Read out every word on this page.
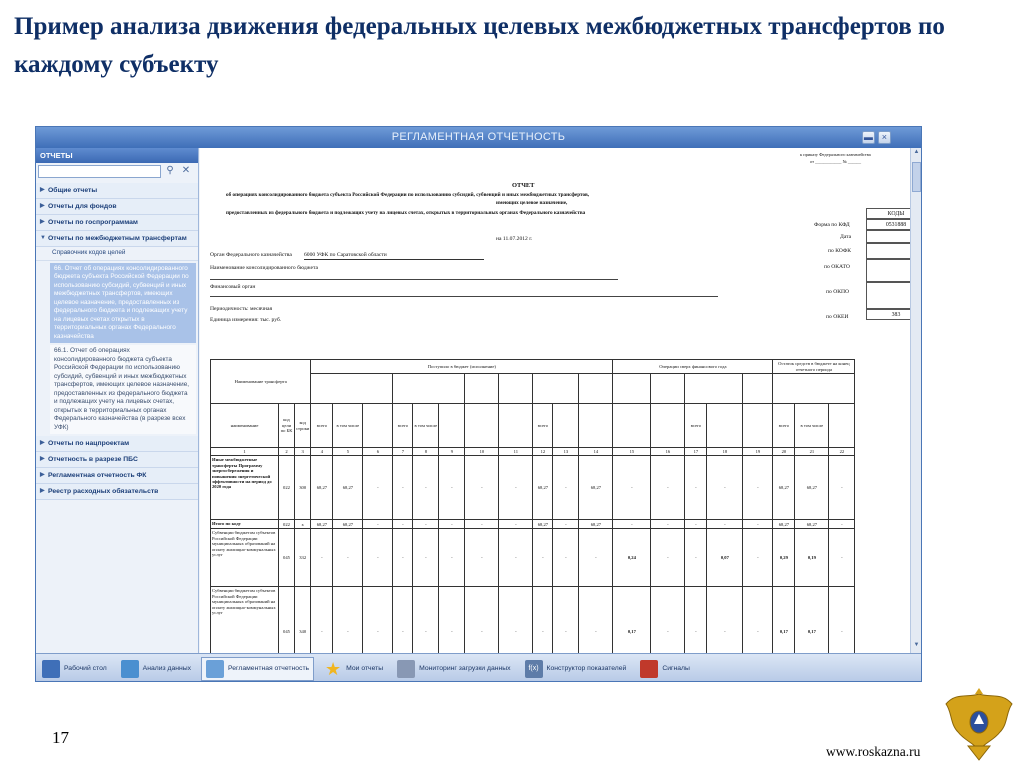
Пример анализа движения федеральных целевых межбюджетных трансфертов по каждому субъекту
РЕГЛАМЕНТНАЯ ОТЧЕТНОСТЬ	▬ ×
ОТЧЕТЫ
⚲ ✕
▶ Общие отчеты
▶ Отчеты для фондов
▶ Отчеты по госпрограммам
▼ Отчеты по межбюджетным трансфертам
Справочник кодов целей
66. Отчет об операциях консолидированного бюджета субъекта Российской Федерации по использованию субсидий, субвенций и иных межбюджетных трансфертов, имеющих целевое назначение, предоставленных из федерального бюджета и подлежащих учету на лицевых счетах открытых в территориальных органах Федерального казначейства
66.1. Отчет об операциях консолидированного бюджета субъекта Российской Федерации по использованию субсидий, субвенций и иных межбюджетных трансфертов, имеющих целевое назначение, предоставленных из федерального бюджета и подлежащих учету на лицевых счетах, открытых в территориальных органах Федерального казначейства (в разрезе всех УФК)
▶ Отчеты по нацпроектам
▶ Отчетность в разрезе ПБС
▶ Регламентная отчетность ФК
▶ Реестр расходных обязательств
к приказу Федерального казначейства
от ____________ № ______
ОТЧЕТ
об операциях консолидированного бюджета субъекта Российской Федерации по использованию субсидий, субвенций и иных межбюджетных трансфертов,
имеющих целевое назначение,
предоставленных из федерального бюджета и подлежащих учету на лицевых счетах, открытых в территориальных органах Федерального казначейства
на 11.07.2012 г.
КОДЫ
Форма по КФД	0531888
Дата
по КОФК
по ОКАТО
по ОКПО
по ОКЕИ	383
Орган Федерального казначейства 6000 УФК по Саратовской области
Наименование консолидированного бюджета
Финансовый орган
Периодичность: месячная
Единица измерения: тыс. руб.
Наименование трансферта			Поступило в бюджет (исполнение)											Операции сверх финансового года					Остаток средств в бюджете на конец отчетного периода		

наименование	код цели по БК	код строки	всего	в том числе		всего	в том числе				всего					всего			всего	в том числе	
1	2	3	4	5	6	7	8	9	10	11	12	13	14	15	16	17	18	19	20	21	22
Иные межбюджетные трансферты Программу энергосбережения и повышения энергетической эффективности на период до 2020 года	022	300	68,27	68,27	-	-	-	-	-	-	68,27	-	68,27	-	-	-	-	-	68,27	68,27	-
Итого по коду	022	х	68,27	68,27	-	-	-	-	-	-	68,27	-	68,27	-	-	-	-	-	68,27	68,27	-
Субвенции бюджетам субъектов Российской Федерации муниципальных образований на оплату жилищно-коммунальных услуг	045	332	-	-	-	-	-	-	-	-	-	-	-	0,24	-	-	0,07	-	0,29	0,19	-
Субвенции бюджетам субъектов Российской Федерации муниципальных образований на оплату жилищно-коммунальных услуг	045	340	-	-	-	-	-	-	-	-	-	-	-	0,17	-	-	-	-	0,17	0,17	-
▲
▼
Рабочий стол	Анализ данных	Регламентная отчетность ★ Мои отчеты	Мониторинг загрузки данных	f(x)	Конструктор показателей	Сигналы
17
www.roskazna.ru
